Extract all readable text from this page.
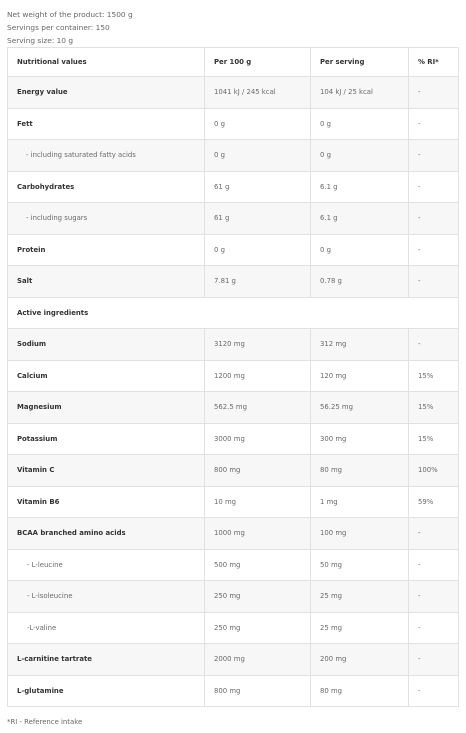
Net weight of the product: 1500 g
Servings per container: 150
Serving size: 10 g
Nutritional values	Per 100 g	Per serving	% RI*
Energy value	1041 kJ / 245 kcal	104 kJ / 25 kcal	-
Fett	0 g	0 g	-
- including saturated fatty acids	0 g	0 g	-
Carbohydrates	61 g	6.1 g	-
- including sugars	61 g	6.1 g	-
Protein	0 g	0 g	-
Salt	7.81 g	0.78 g	-
Active ingredients			
Sodium	3120 mg	312 mg	-
Calcium	1200 mg	120 mg	15%
Magnesium	562.5 mg	56.25 mg	15%
Potassium	3000 mg	300 mg	15%
Vitamin C	800 mg	80 mg	100%
Vitamin B6	10 mg	1 mg	59%
BCAA branched amino acids	1000 mg	100 mg	-
- L-leucine	500 mg	50 mg	-
- L-isoleucine	250 mg	25 mg	-
-L-valine	250 mg	25 mg	-
L-carnitine tartrate	2000 mg	200 mg	-
L-glutamine	800 mg	80 mg	-
*RI - Reference intake
